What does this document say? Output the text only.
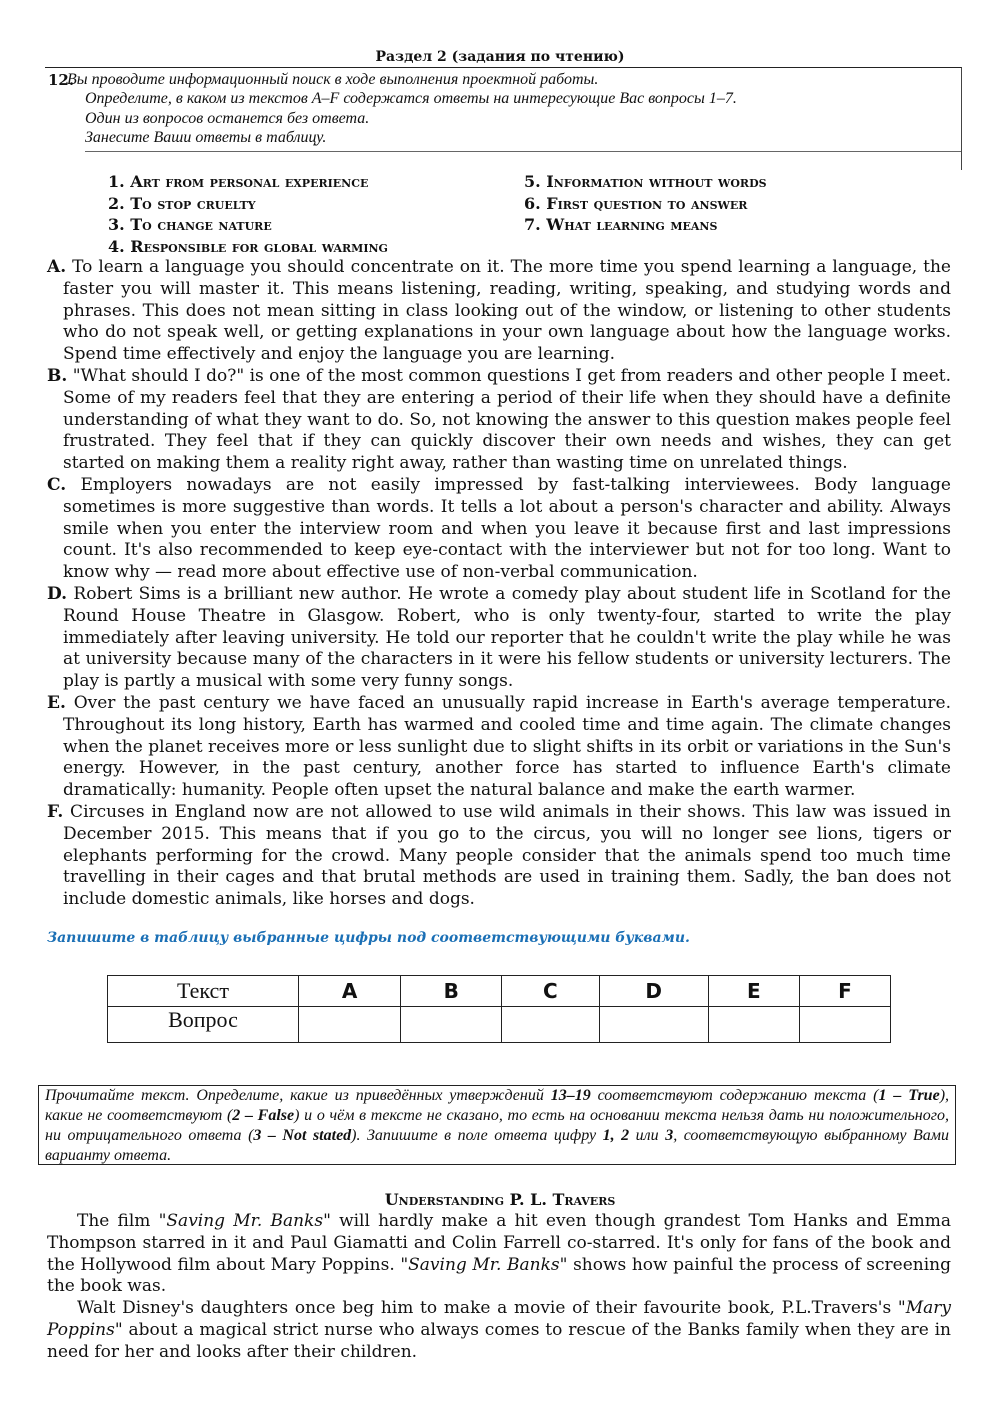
Раздел 2 (задания по чтению)
12.
Вы проводите информационный поиск в ходе выполнения проектной работы.
Определите, в каком из текстов A–F содержатся ответы на интересующие Вас вопросы 1–7.
Один из вопросов останется без ответа.
Занесите Ваши ответы в таблицу.
1. Art from personal experience
2. To stop cruelty
3. To change nature
4. Responsible for global warming
5. Information without words
6. First question to answer
7. What learning means

A. To learn a language you should concentrate on it. The more time you spend learning a language, the faster you will master it. This means listening, reading, writing, speaking, and studying words and phrases. This does not mean sitting in class looking out of the window, or listening to other students who do not speak well, or getting explanations in your own language about how the language works. Spend time effectively and enjoy the language you are learning.

B. "What should I do?" is one of the most common questions I get from readers and other people I meet. Some of my readers feel that they are entering a period of their life when they should have a definite understanding of what they want to do. So, not knowing the answer to this question makes people feel frustrated. They feel that if they can quickly discover their own needs and wishes, they can get started on making them a reality right away, rather than wasting time on unrelated things.

C. Employers nowadays are not easily impressed by fast-talking interviewees. Body language sometimes is more suggestive than words. It tells a lot about a person's character and ability. Always smile when you enter the interview room and when you leave it because first and last impressions count. It's also recommended to keep eye-contact with the interviewer but not for too long. Want to know why — read more about effective use of non-verbal communication.

D. Robert Sims is a brilliant new author. He wrote a comedy play about student life in Scotland for the Round House Theatre in Glasgow. Robert, who is only twenty-four, started to write the play immediately after leaving university. He told our reporter that he couldn't write the play while he was at university because many of the characters in it were his fellow students or university lecturers. The play is partly a musical with some very funny songs.

E. Over the past century we have faced an unusually rapid increase in Earth's average temperature. Throughout its long history, Earth has warmed and cooled time and time again. The climate changes when the planet receives more or less sunlight due to slight shifts in its orbit or variations in the Sun's energy. However, in the past century, another force has started to influence Earth's climate dramatically: humanity. People often upset the natural balance and make the earth warmer.

F. Circuses in England now are not allowed to use wild animals in their shows. This law was issued in December 2015. This means that if you go to the circus, you will no longer see lions, tigers or elephants performing for the crowd. Many people consider that the animals spend too much time travelling in their cages and that brutal methods are used in training them. Sadly, the ban does not include domestic animals, like horses and dogs.

Запишите в таблицу выбранные цифры под соответствующими буквами.
Текст	A	B	C	D	E	F
Вопрос						
Прочитайте текст. Определите, какие из приведённых утверждений 13–19 соответствуют содержанию текста (1 – True), какие не соответствуют (2 – False) и о чём в тексте не сказано, то есть на основании текста нельзя дать ни положительного, ни отрицательного ответа (3 – Not stated). Запишите в поле ответа цифру 1, 2 или 3, соответствующую выбранному Вами варианту ответа.
Understanding P. L. Travers

The film "Saving Mr. Banks" will hardly make a hit even though grandest Tom Hanks and Emma Thompson starred in it and Paul Giamatti and Colin Farrell co-starred. It's only for fans of the book and the Hollywood film about Mary Poppins. "Saving Mr. Banks" shows how painful the process of screening the book was.

Walt Disney's daughters once beg him to make a movie of their favourite book, P.L.Travers's "Mary Poppins" about a magical strict nurse who always comes to rescue of the Banks family when they are in need for her and looks after their children.
